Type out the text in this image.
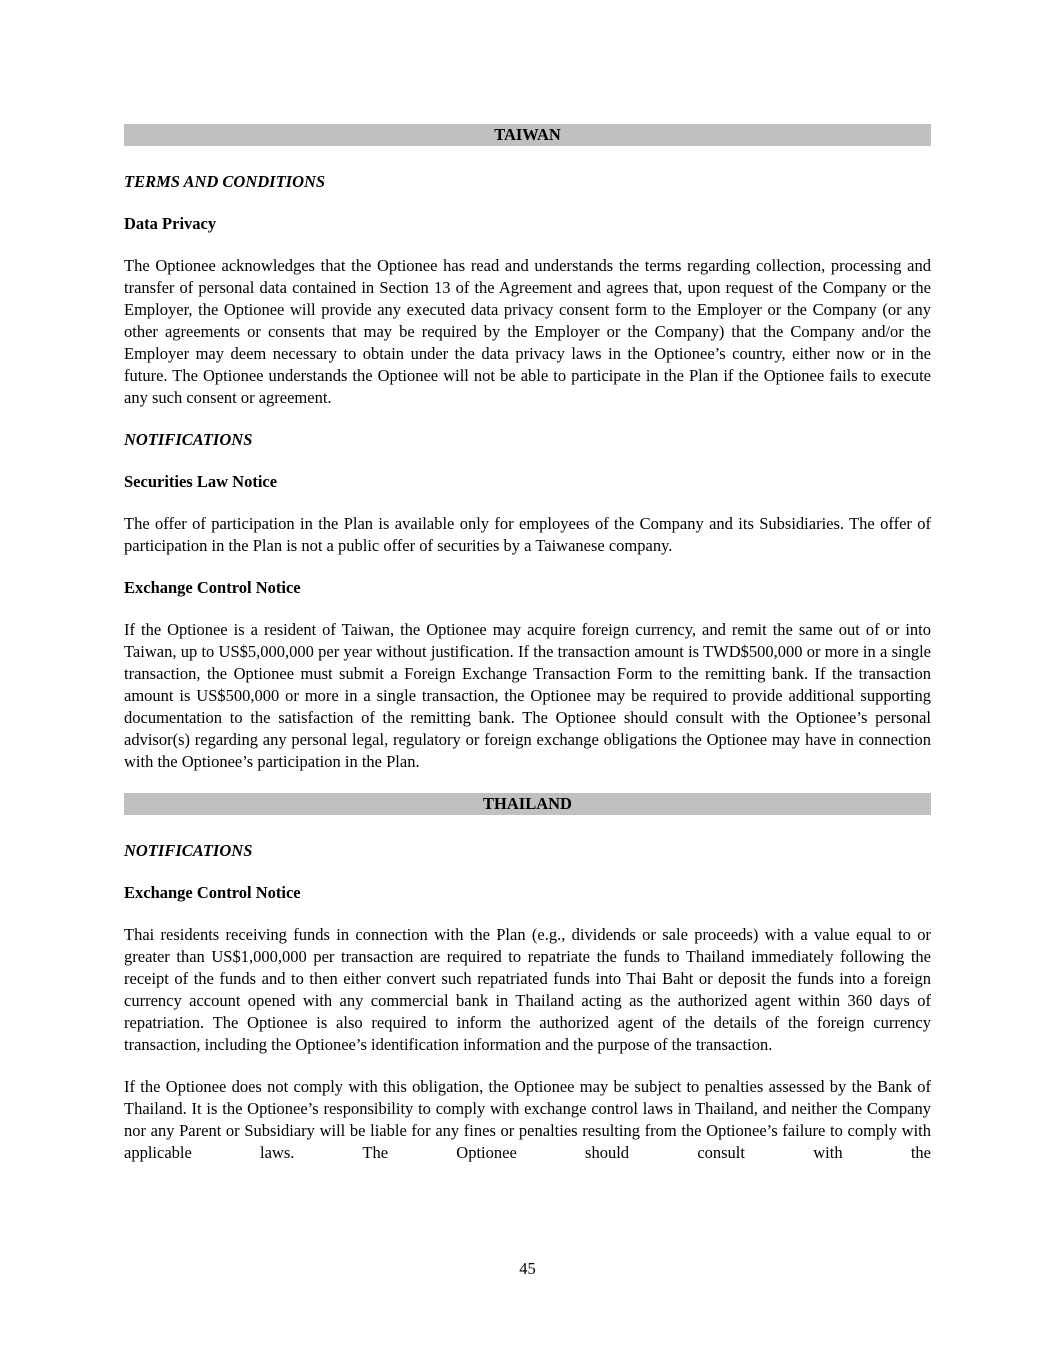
TAIWAN
TERMS AND CONDITIONS
Data Privacy

The Optionee acknowledges that the Optionee has read and understands the terms regarding collection, processing and transfer of personal data contained in Section 13 of the Agreement and agrees that, upon request of the Company or the Employer, the Optionee will provide any executed data privacy consent form to the Employer or the Company (or any other agreements or consents that may be required by the Employer or the Company) that the Company and/or the Employer may deem necessary to obtain under the data privacy laws in the Optionee’s country, either now or in the future. The Optionee understands the Optionee will not be able to participate in the Plan if the Optionee fails to execute any such consent or agreement.

NOTIFICATIONS
Securities Law Notice

The offer of participation in the Plan is available only for employees of the Company and its Subsidiaries. The offer of participation in the Plan is not a public offer of securities by a Taiwanese company.

Exchange Control Notice

If the Optionee is a resident of Taiwan, the Optionee may acquire foreign currency, and remit the same out of or into Taiwan, up to US$5,000,000 per year without justification. If the transaction amount is TWD$500,000 or more in a single transaction, the Optionee must submit a Foreign Exchange Transaction Form to the remitting bank. If the transaction amount is US$500,000 or more in a single transaction, the Optionee may be required to provide additional supporting documentation to the satisfaction of the remitting bank. The Optionee should consult with the Optionee’s personal advisor(s) regarding any personal legal, regulatory or foreign exchange obligations the Optionee may have in connection with the Optionee’s participation in the Plan.

THAILAND
NOTIFICATIONS
Exchange Control Notice

Thai residents receiving funds in connection with the Plan (e.g., dividends or sale proceeds) with a value equal to or greater than US$1,000,000 per transaction are required to repatriate the funds to Thailand immediately following the receipt of the funds and to then either convert such repatriated funds into Thai Baht or deposit the funds into a foreign currency account opened with any commercial bank in Thailand acting as the authorized agent within 360 days of repatriation. The Optionee is also required to inform the authorized agent of the details of the foreign currency transaction, including the Optionee’s identification information and the purpose of the transaction.

If the Optionee does not comply with this obligation, the Optionee may be subject to penalties assessed by the Bank of Thailand. It is the Optionee’s responsibility to comply with exchange control laws in Thailand, and neither the Company nor any Parent or Subsidiary will be liable for any fines or penalties resulting from the Optionee’s failure to comply with applicable laws. The Optionee should consult with the

45
